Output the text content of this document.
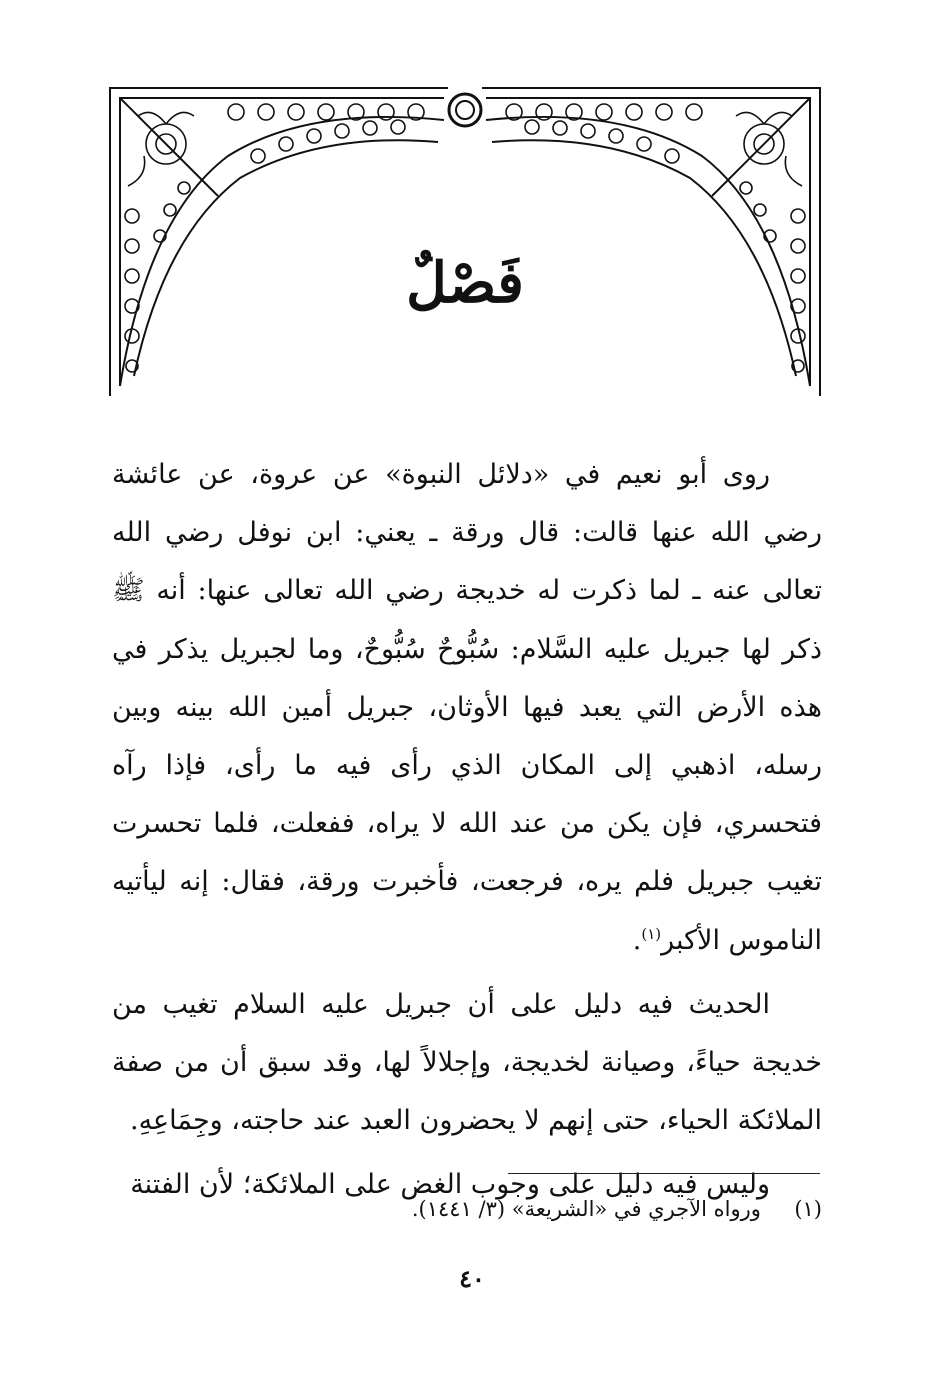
فَصْلٌ

روى أبو نعيم في «دلائل النبوة» عن عروة، عن عائشة رضي الله عنها قالت: قال ورقة ـ يعني: ابن نوفل رضي الله تعالى عنه ـ لما ذكرت له خديجة رضي الله تعالى عنها: أنه ﷺ ذكر لها جبريل عليه السَّلام: سُبُّوحٌ سُبُّوحٌ، وما لجبريل يذكر في هذه الأرض التي يعبد فيها الأوثان، جبريل أمين الله بينه وبين رسله، اذهبي إلى المكان الذي رأى فيه ما رأى، فإذا رآه فتحسري، فإن يكن من عند الله لا يراه، ففعلت، فلما تحسرت تغيب جبريل فلم يره، فرجعت، فأخبرت ورقة، فقال: إنه ليأتيه الناموس الأكبر$^{(١)}$.

الحديث فيه دليل على أن جبريل عليه السلام تغيب من خديجة حياءً، وصيانة لخديجة، وإجلالاً لها، وقد سبق أن من صفة الملائكة الحياء، حتى إنهم لا يحضرون العبد عند حاجته، وجِمَاعِهِ.

وليس فيه دليل على وجوب الغض على الملائكة؛ لأن الفتنة

(١)     ورواه الآجري في «الشريعة» (٣/ ١٤٤١).
٤٠
